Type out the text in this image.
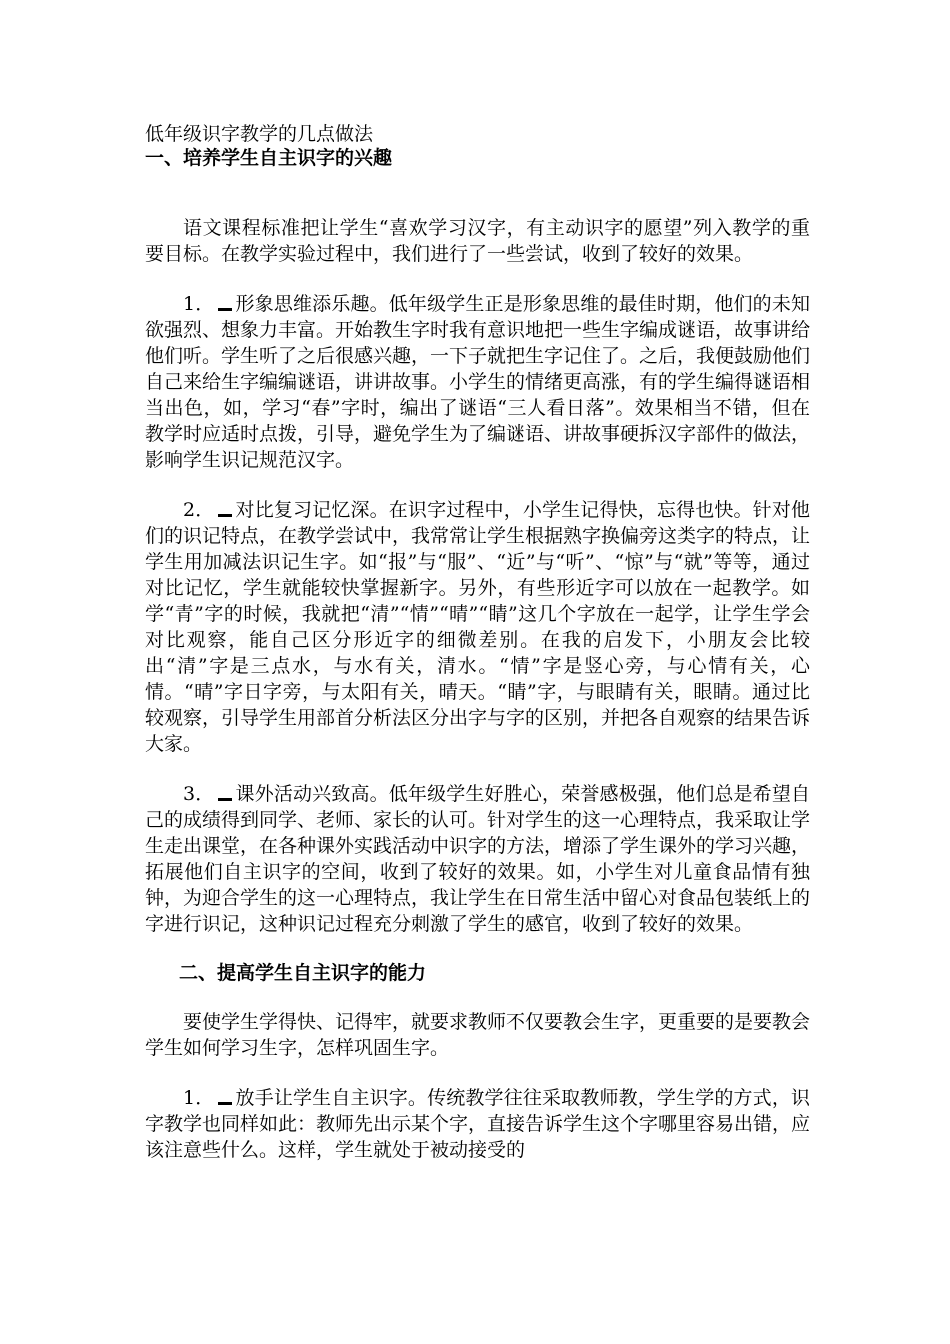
低年级识字教学的几点做法
一、培养学生自主识字的兴趣

语文课程标准把让学生“喜欢学习汉字，有主动识字的愿望”列入教学的重要目标。在教学实验过程中，我们进行了一些尝试，收到了较好的效果。

1． 形象思维添乐趣。低年级学生正是形象思维的最佳时期，他们的未知欲强烈、想象力丰富。开始教生字时我有意识地把一些生字编成谜语，故事讲给他们听。学生听了之后很感兴趣，一下子就把生字记住了。之后，我便鼓励他们自己来给生字编编谜语，讲讲故事。小学生的情绪更高涨，有的学生编得谜语相当出色，如，学习“春”字时，编出了谜语“三人看日落”。效果相当不错，但在教学时应适时点拨，引导，避免学生为了编谜语、讲故事硬拆汉字部件的做法，影响学生识记规范汉字。

2． 对比复习记忆深。在识字过程中，小学生记得快，忘得也快。针对他们的识记特点，在教学尝试中，我常常让学生根据熟字换偏旁这类字的特点，让学生用加减法识记生字。如“报”与“服”、“近”与“听”、“惊”与“就”等等，通过对比记忆，学生就能较快掌握新字。另外，有些形近字可以放在一起教学。如学“青”字的时候，我就把“清”“情”“晴”“睛”这几个字放在一起学，让学生学会对比观察，能自己区分形近字的细微差别。在我的启发下，小朋友会比较出“清”字是三点水，与水有关，清水。“情”字是竖心旁，与心情有关，心情。“晴”字日字旁，与太阳有关，晴天。“睛”字，与眼睛有关，眼睛。通过比较观察，引导学生用部首分析法区分出字与字的区别，并把各自观察的结果告诉大家。

3． 课外活动兴致高。低年级学生好胜心，荣誉感极强，他们总是希望自己的成绩得到同学、老师、家长的认可。针对学生的这一心理特点，我采取让学生走出课堂，在各种课外实践活动中识字的方法，增添了学生课外的学习兴趣，拓展他们自主识字的空间，收到了较好的效果。如，小学生对儿童食品情有独钟，为迎合学生的这一心理特点，我让学生在日常生活中留心对食品包装纸上的字进行识记，这种识记过程充分刺激了学生的感官，收到了较好的效果。

二、提高学生自主识字的能力

要使学生学得快、记得牢，就要求教师不仅要教会生字，更重要的是要教会学生如何学习生字，怎样巩固生字。

1． 放手让学生自主识字。传统教学往往采取教师教，学生学的方式，识字教学也同样如此：教师先出示某个字，直接告诉学生这个字哪里容易出错，应该注意些什么。这样，学生就处于被动接受的
